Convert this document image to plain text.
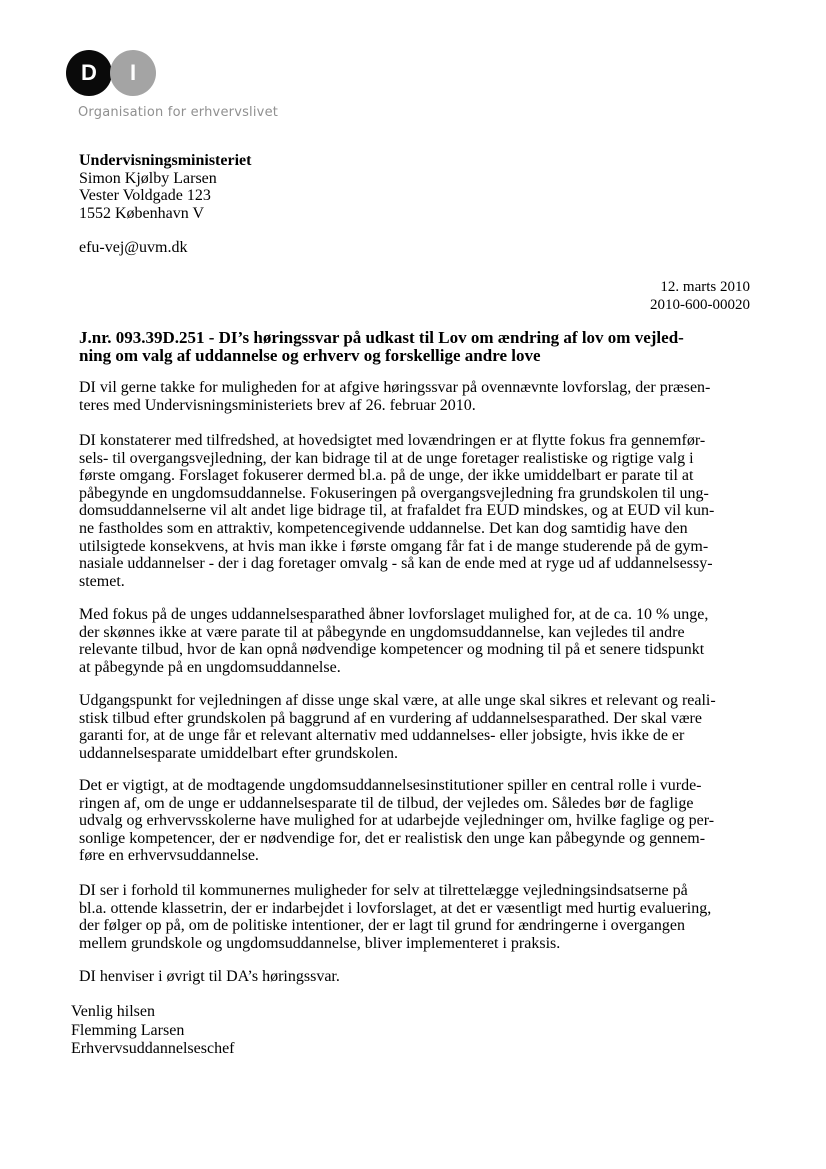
D	I
Organisation for erhvervslivet
Undervisningsministeriet
Simon Kjølby Larsen
Vester Voldgade 123
1552 København V
efu-vej@uvm.dk
12. marts 2010
2010-600-00020
J.nr. 093.39D.251 - DI’s høringssvar på udkast til Lov om ændring af lov om vejled-
ning om valg af uddannelse og erhverv og forskellige andre love
DI vil gerne takke for muligheden for at afgive høringssvar på ovennævnte lovforslag, der præsen-
teres med Undervisningsministeriets brev af 26. februar 2010.
DI konstaterer med tilfredshed, at hovedsigtet med lovændringen er at flytte fokus fra gennemfør-
sels- til overgangsvejledning, der kan bidrage til at de unge foretager realistiske og rigtige valg i
første omgang. Forslaget fokuserer dermed bl.a. på de unge, der ikke umiddelbart er parate til at
påbegynde en ungdomsuddannelse. Fokuseringen på overgangsvejledning fra grundskolen til ung-
domsuddannelserne vil alt andet lige bidrage til, at frafaldet fra EUD mindskes, og at EUD vil kun-
ne fastholdes som en attraktiv, kompetencegivende uddannelse. Det kan dog samtidig have den
utilsigtede konsekvens, at hvis man ikke i første omgang får fat i de mange studerende på de gym-
nasiale uddannelser - der i dag foretager omvalg - så kan de ende med at ryge ud af uddannelsessy-
stemet.
Med fokus på de unges uddannelsesparathed åbner lovforslaget mulighed for, at de ca. 10 % unge,
der skønnes ikke at være parate til at påbegynde en ungdomsuddannelse, kan vejledes til andre
relevante tilbud, hvor de kan opnå nødvendige kompetencer og modning til på et senere tidspunkt
at påbegynde på en ungdomsuddannelse.
Udgangspunkt for vejledningen af disse unge skal være, at alle unge skal sikres et relevant og reali-
stisk tilbud efter grundskolen på baggrund af en vurdering af uddannelsesparathed. Der skal være
garanti for, at de unge får et relevant alternativ med uddannelses- eller jobsigte, hvis ikke de er
uddannelsesparate umiddelbart efter grundskolen.
Det er vigtigt, at de modtagende ungdomsuddannelsesinstitutioner spiller en central rolle i vurde-
ringen af, om de unge er uddannelsesparate til de tilbud, der vejledes om. Således bør de faglige
udvalg og erhvervsskolerne have mulighed for at udarbejde vejledninger om, hvilke faglige og per-
sonlige kompetencer, der er nødvendige for, det er realistisk den unge kan påbegynde og gennem-
føre en erhvervsuddannelse.
DI ser i forhold til kommunernes muligheder for selv at tilrettelægge vejledningsindsatserne på
bl.a. ottende klassetrin, der er indarbejdet i lovforslaget, at det er væsentligt med hurtig evaluering,
der følger op på, om de politiske intentioner, der er lagt til grund for ændringerne i overgangen
mellem grundskole og ungdomsuddannelse, bliver implementeret i praksis.
DI henviser i øvrigt til DA’s høringssvar.
Venlig hilsen
Flemming Larsen
Erhvervsuddannelseschef
